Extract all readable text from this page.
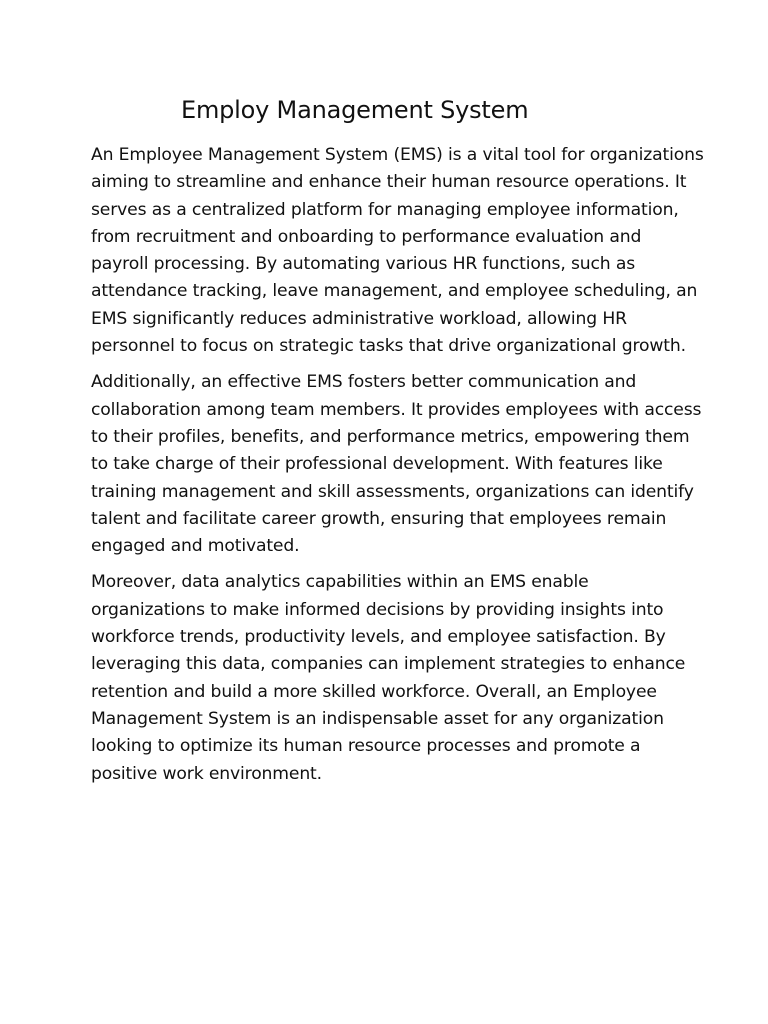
Employ Management System

An Employee Management System (EMS) is a vital tool for organizations
aiming to streamline and enhance their human resource operations. It
serves as a centralized platform for managing employee information,
from recruitment and onboarding to performance evaluation and
payroll processing. By automating various HR functions, such as
attendance tracking, leave management, and employee scheduling, an
EMS significantly reduces administrative workload, allowing HR
personnel to focus on strategic tasks that drive organizational growth.

Additionally, an effective EMS fosters better communication and
collaboration among team members. It provides employees with access
to their profiles, benefits, and performance metrics, empowering them
to take charge of their professional development. With features like
training management and skill assessments, organizations can identify
talent and facilitate career growth, ensuring that employees remain
engaged and motivated.

Moreover, data analytics capabilities within an EMS enable
organizations to make informed decisions by providing insights into
workforce trends, productivity levels, and employee satisfaction. By
leveraging this data, companies can implement strategies to enhance
retention and build a more skilled workforce. Overall, an Employee
Management System is an indispensable asset for any organization
looking to optimize its human resource processes and promote a
positive work environment.
